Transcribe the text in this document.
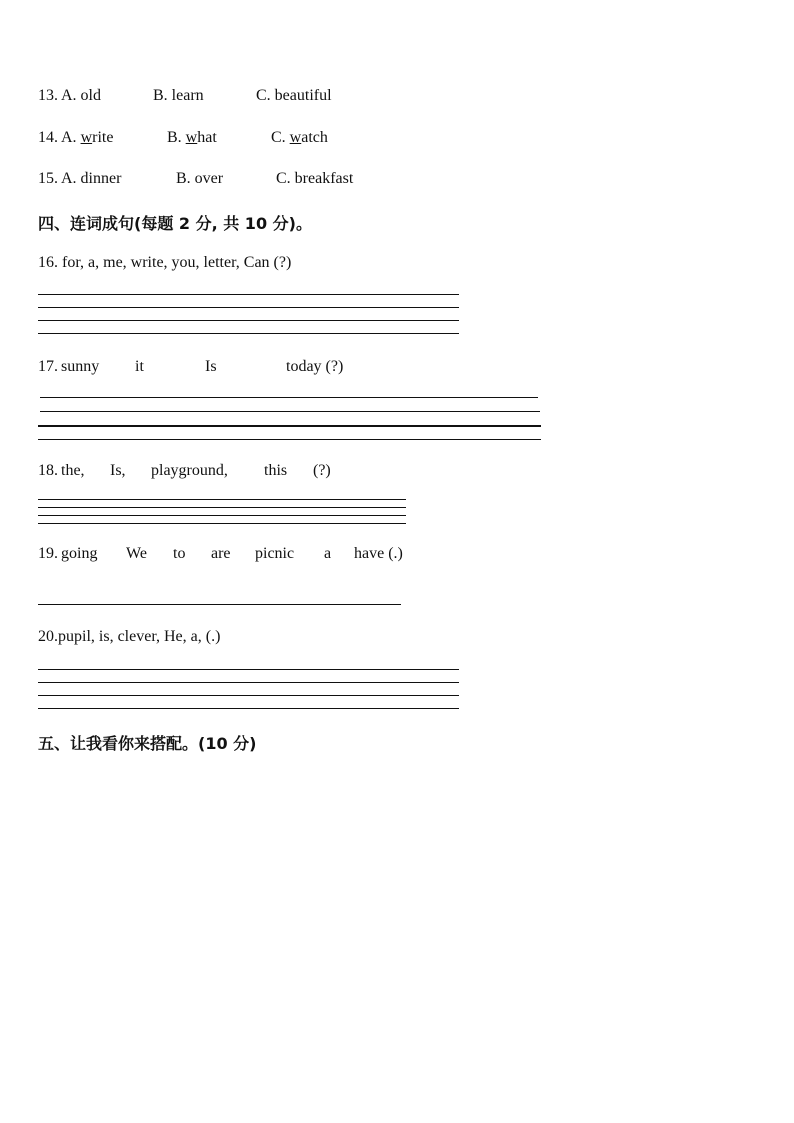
13. A. old	B. learn	C. beautiful
14. A. write	B. what	C. watch
15. A. dinner	B. over	C. breakfast
四、连词成句(每题 2 分, 共 10 分)。
16. for, a, me, write, you, letter, Can (?)
17. sunny it	Is	today (?)
18. the, Is, playground, this (?)
19. going We to are picnic a have (.)
20.pupil, is, clever, He, a, (.)
五、让我看你来搭配。(10 分)
